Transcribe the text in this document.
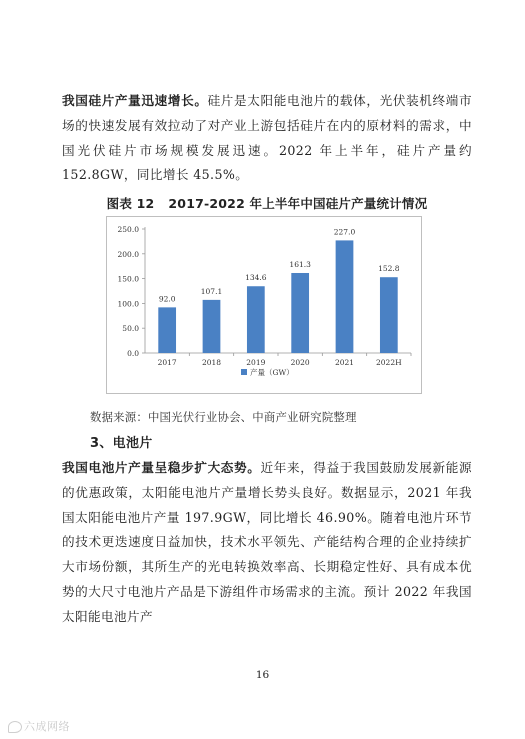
我国硅片产量迅速增长。硅片是太阳能电池片的载体，光伏装机终端市场的快速发展有效拉动了对产业上游包括硅片在内的原材料的需求，中国光伏硅片市场规模发展迅速。2022 年上半年，硅片产量约 152.8GW，同比增长 45.5%。
图表 12 2017-2022 年上半年中国硅片产量统计情况
0.0
50.0
100.0
150.0
200.0
250.0
92.0
2017
107.1
2018
134.6
2019
161.3
2020
227.0
2021
152.8
2022H
产量（GW）
数据来源：中国光伏行业协会、中商产业研究院整理
3、电池片
我国电池片产量呈稳步扩大态势。近年来，得益于我国鼓励发展新能源的优惠政策，太阳能电池片产量增长势头良好。数据显示，2021 年我国太阳能电池片产量 197.9GW，同比增长 46.90%。随着电池片环节的技术更迭速度日益加快，技术水平领先、产能结构合理的企业持续扩大市场份额，其所生产的光电转换效率高、长期稳定性好、具有成本优势的大尺寸电池片产品是下游组件市场需求的主流。预计 2022 年我国太阳能电池片产
16
六成网络
